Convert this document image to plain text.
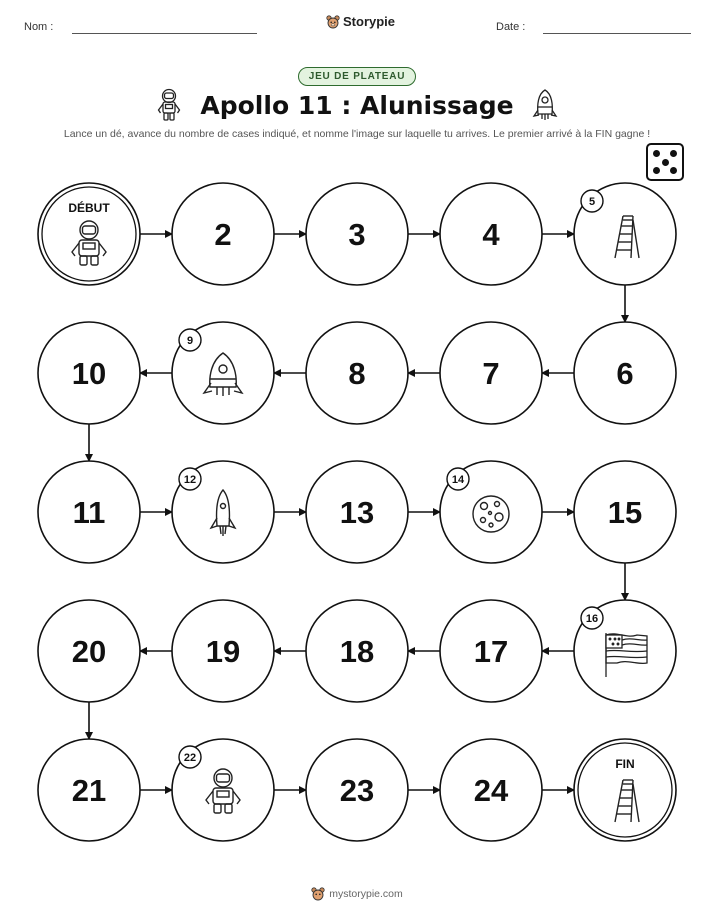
Nom :	Storypie	Date :
JEU DE PLATEAU
Apollo 11 : Alunissage
Lance un dé, avance du nombre de cases indiqué, et nomme l'image sur laquelle tu arrives. Le premier arrivé à la FIN gagne !
DÉBUT
2	3	4
5
6
7
8
9
10
11
12
13
14
15
16
17
18
19
20
21
22
23	24
FIN
mystorypie.com
